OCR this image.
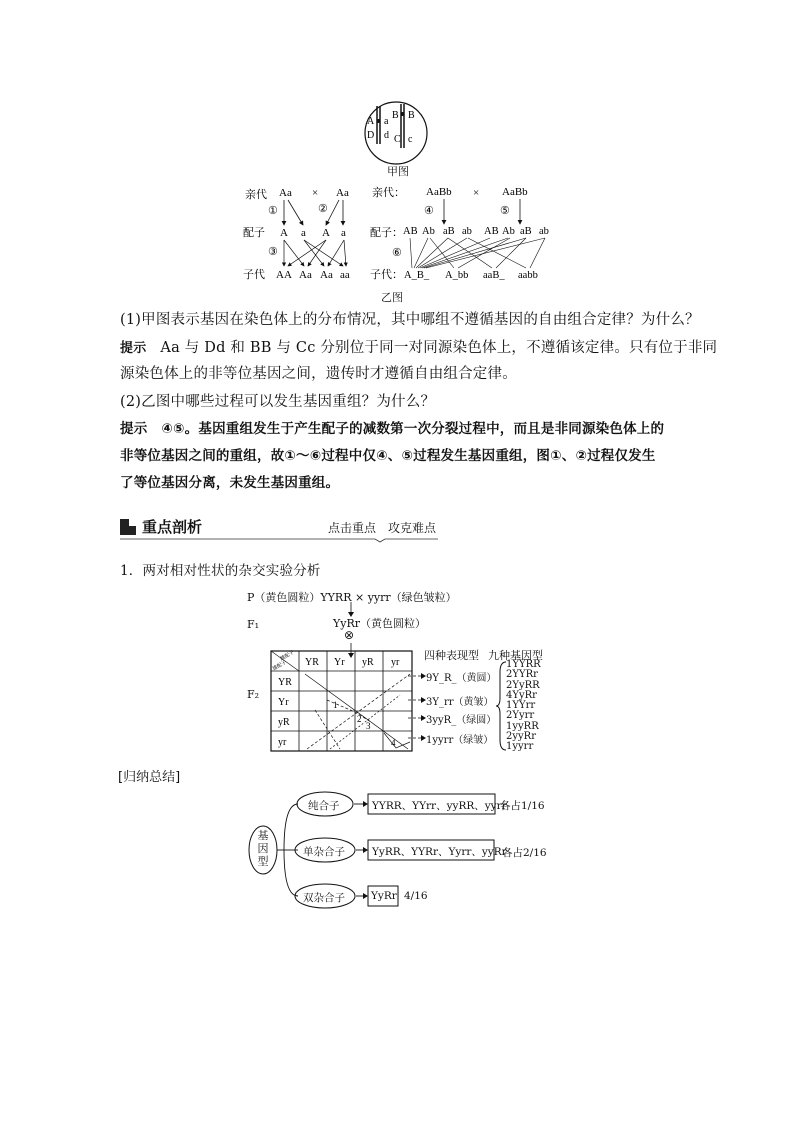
A a
B B
D d C c
甲图
亲代 Aa × Aa
①	②
配子 A a A a
③
子代 AA Aa Aa aa
亲代： AaBb × AaBb
④	⑤
配子： AB Ab aB ab AB Ab aB ab
⑥
子代： A_B_ A_bb aaB_ aabb
乙图
(1)甲图表示基因在染色体上的分布情况，其中哪组不遵循基因的自由组合定律？为什么？
提示 Aa 与 Dd 和 BB 与 Cc 分别位于同一对同源染色体上，不遵循该定律。只有位于非同
源染色体上的非等位基因之间，遗传时才遵循自由组合定律。
(2)乙图中哪些过程可以发生基因重组？为什么？
提示 ④⑤。基因重组发生于产生配子的减数第一次分裂过程中，而且是非同源染色体上的
非等位基因之间的重组，故①～⑥过程中仅④、⑤过程发生基因重组，图①、②过程仅发生
了等位基因分离，未发生基因重组。
重点剖析	点击重点　攻克难点
1．两对相对性状的杂交实验分析
P（黄色圆粒）YYRR × yyrr（绿色皱粒）
F₁	YyRr（黄色圆粒）
⊗
F₂
雌配子
雄配子 YR Yr yR yr
YR
Yr
yR
yr
1
2
3
4
四种表现型 九种基因型
9Y_R_（黄圆）
3Y_rr（黄皱）
3yyR_（绿圆）
1yyrr（绿皱）
1YYRR
2YYRr
2YyRR
4YyRr
1YYrr
2Yyrr
1yyRR
2yyRr
1yyrr
[归纳总结]
基因型
纯合子
单杂合子
双杂合子
YYRR、YYrr、yyRR、yyrr
YyRR、YYRr、Yyrr、yyRr
YyRr
各占1/16
各占2/16
4/16
